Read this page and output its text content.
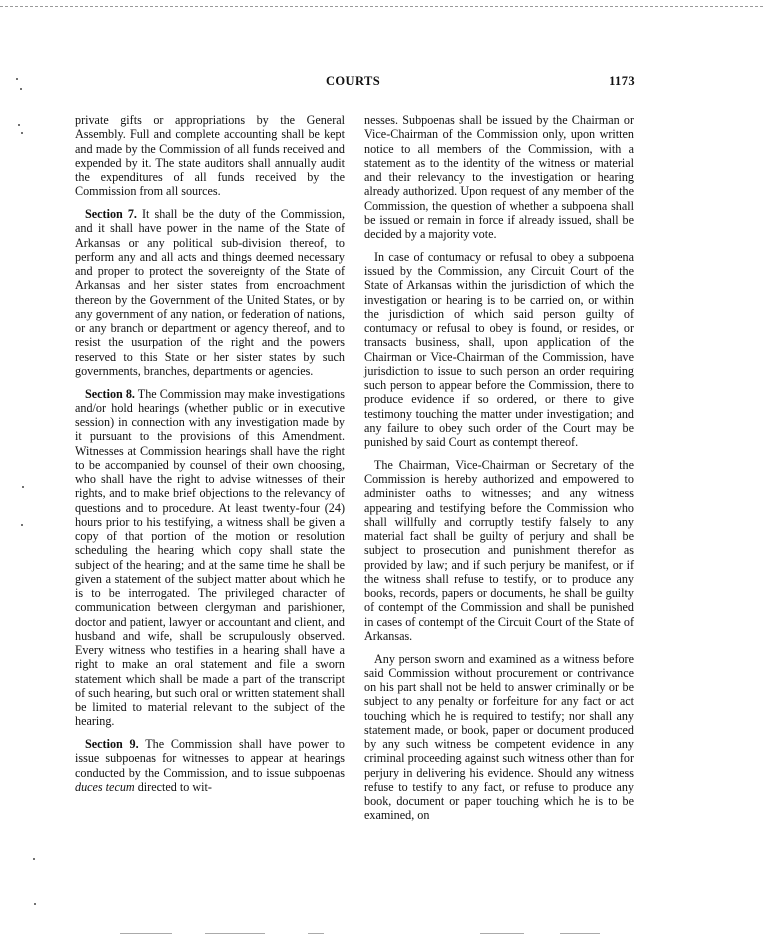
COURTS	1173

private gifts or appropriations by the General Assembly. Full and complete accounting shall be kept and made by the Commission of all funds received and expended by it. The state auditors shall annually audit the expenditures of all funds received by the Commission from all sources.

Section 7. It shall be the duty of the Commission, and it shall have power in the name of the State of Arkansas or any political sub-division thereof, to perform any and all acts and things deemed necessary and proper to protect the sovereignty of the State of Arkansas and her sister states from encroachment thereon by the Government of the United States, or by any government of any nation, or federation of nations, or any branch or department or agency thereof, and to resist the usurpation of the right and the powers reserved to this State or her sister states by such governments, branches, departments or agencies.

Section 8. The Commission may make investigations and/or hold hearings (whether public or in executive session) in connection with any investigation made by it pursuant to the provisions of this Amendment. Witnesses at Commission hearings shall have the right to be accompanied by counsel of their own choosing, who shall have the right to advise witnesses of their rights, and to make brief objections to the relevancy of questions and to procedure. At least twenty-four (24) hours prior to his testifying, a witness shall be given a copy of that portion of the motion or resolution scheduling the hearing which copy shall state the subject of the hearing; and at the same time he shall be given a statement of the subject matter about which he is to be interrogated. The privileged character of communication between clergyman and parishioner, doctor and patient, lawyer or accountant and client, and husband and wife, shall be scrupulously observed. Every witness who testifies in a hearing shall have a right to make an oral statement and file a sworn statement which shall be made a part of the transcript of such hearing, but such oral or written statement shall be limited to material relevant to the subject of the hearing.

Section 9. The Commission shall have power to issue subpoenas for witnesses to appear at hearings conducted by the Commission, and to issue subpoenas duces tecum directed to wit-

nesses. Subpoenas shall be issued by the Chairman or Vice-Chairman of the Commission only, upon written notice to all members of the Commission, with a statement as to the identity of the witness or material and their relevancy to the investigation or hearing already authorized. Upon request of any member of the Commission, the question of whether a subpoena shall be issued or remain in force if already issued, shall be decided by a majority vote.

In case of contumacy or refusal to obey a subpoena issued by the Commission, any Circuit Court of the State of Arkansas within the jurisdiction of which the investigation or hearing is to be carried on, or within the jurisdiction of which said person guilty of contumacy or refusal to obey is found, or resides, or transacts business, shall, upon application of the Chairman or Vice-Chairman of the Commission, have jurisdiction to issue to such person an order requiring such person to appear before the Commission, there to produce evidence if so ordered, or there to give testimony touching the matter under investigation; and any failure to obey such order of the Court may be punished by said Court as contempt thereof.

The Chairman, Vice-Chairman or Secretary of the Commission is hereby authorized and empowered to administer oaths to witnesses; and any witness appearing and testifying before the Commission who shall willfully and corruptly testify falsely to any material fact shall be guilty of perjury and shall be subject to prosecution and punishment therefor as provided by law; and if such perjury be manifest, or if the witness shall refuse to testify, or to produce any books, records, papers or documents, he shall be guilty of contempt of the Commission and shall be punished in cases of contempt of the Circuit Court of the State of Arkansas.

Any person sworn and examined as a witness before said Commission without procurement or contrivance on his part shall not be held to answer criminally or be subject to any penalty or forfeiture for any fact or act touching which he is required to testify; nor shall any statement made, or book, paper or document produced by any such witness be competent evidence in any criminal proceeding against such witness other than for perjury in delivering his evidence. Should any witness refuse to testify to any fact, or refuse to produce any book, document or paper touching which he is to be examined, on
